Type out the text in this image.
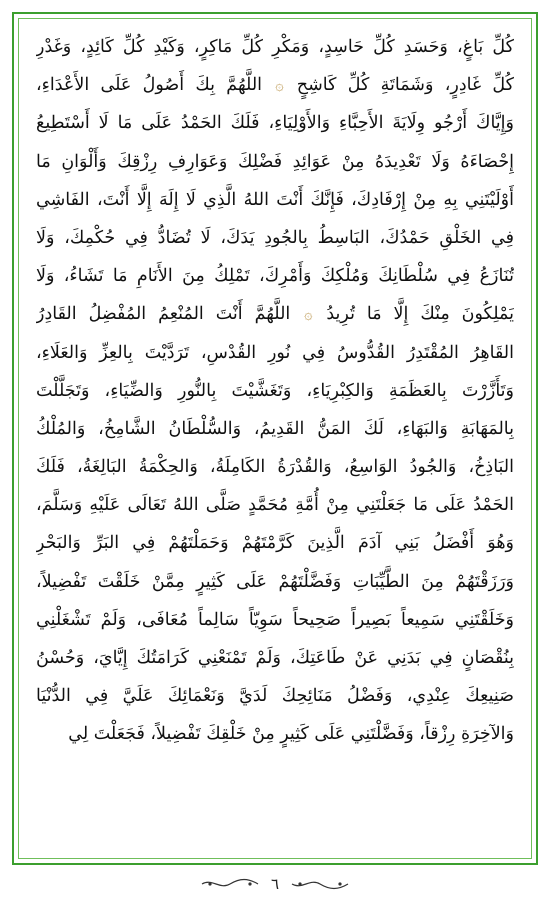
كُلِّ بَاغٍ، وَحَسَدِ كُلِّ حَاسِدٍ، وَمَكْرِ كُلِّ مَاكِرٍ، وَكَيْدِ كُلِّ كَائِدٍ، وَغَدْرِ
كُلِّ غَادِرٍ، وَشَمَاتَةِ كُلِّ كَاشِحٍ ۞ اللَّهُمَّ بِكَ أَصُولُ عَلَى الأَعْدَاءِ،
وَإِيَّاكَ أَرْجُو وِلَايَةَ الأَحِبَّاءِ وَالأَوْلِيَاءِ، فَلَكَ الحَمْدُ عَلَى مَا لَا أَسْتَطِيعُ
إِحْصَاءَهُ وَلَا تَعْدِيدَهُ مِنْ عَوَائِدِ فَضْلِكَ وَعَوَارِفِ رِزْقِكَ وَأَلْوَانِ مَا
أَوْلَيْتَنِي بِهِ مِنْ إِرْفَادِكَ، فَإِنَّكَ أَنْتَ اللهُ الَّذِي لَا إِلَهَ إِلَّا أَنْتَ، الفَاشِي
فِي الخَلْقِ حَمْدُكَ، البَاسِطُ بِالجُودِ يَدَكَ، لَا تُضَادُّ فِي حُكْمِكَ، وَلَا
تُنَازَعُ فِي سُلْطَانِكَ وَمُلْكِكَ وَأَمْرِكَ، تَمْلِكُ مِنَ الأَنَامِ مَا تَشَاءُ، وَلَا
يَمْلِكُونَ مِنْكَ إِلَّا مَا تُرِيدُ ۞ اللَّهُمَّ أَنْتَ المُنْعِمُ المُفْضِلُ القَادِرُ
القَاهِرُ المُقْتَدِرُ القُدُّوسُ فِي نُورِ القُدْسِ، تَرَدَّيْتَ بِالعِزِّ وَالعَلَاءِ،
وَتَأَزَّرْتَ بِالعَظَمَةِ وَالكِبْرِيَاءِ، وَتَغَشَّيْتَ بِالنُّورِ وَالضِّيَاءِ، وَتَجَلَّلْتَ
بِالمَهَابَةِ وَالبَهَاءِ، لَكَ المَنُّ القَدِيمُ، وَالسُّلْطَانُ الشَّامِخُ، وَالمُلْكُ
البَاذِخُ، وَالجُودُ الوَاسِعُ، وَالقُدْرَةُ الكَامِلَةُ، وَالحِكْمَةُ البَالِغَةُ، فَلَكَ
الحَمْدُ عَلَى مَا جَعَلْتَنِي مِنْ أُمَّةِ مُحَمَّدٍ صَلَّى اللهُ تَعَالَى عَلَيْهِ وَسَلَّمَ،
وَهُوَ أَفْضَلُ بَنِي آدَمَ الَّذِينَ كَرَّمْتَهُمْ وَحَمَلْتَهُمْ فِي البَرِّ وَالبَحْرِ
وَرَزَقْتَهُمْ مِنَ الطَّيِّبَاتِ وَفَضَّلْتَهُمْ عَلَى كَثِيرٍ مِمَّنْ خَلَقْتَ تَفْضِيلاً،
وَخَلَقْتَنِي سَمِيعاً بَصِيراً صَحِيحاً سَوِيّاً سَالِماً مُعَافَى، وَلَمْ تَشْغَلْنِي
بِنُقْصَانٍ فِي بَدَنِي عَنْ طَاعَتِكَ، وَلَمْ تَمْنَعْنِي كَرَامَتُكَ إِيَّايَ، وَحُسْنُ
صَنِيعِكَ عِنْدِي، وَفَضْلُ مَنَائِحِكَ لَدَيَّ وَنَعْمَائِكَ عَلَيَّ فِي الدُّنْيَا
وَالآخِرَةِ رِزْقاً، وَفَضَّلْتَنِي عَلَى كَثِيرٍ مِنْ خَلْقِكَ تَفْضِيلاً، فَجَعَلْتَ لِي
٦
